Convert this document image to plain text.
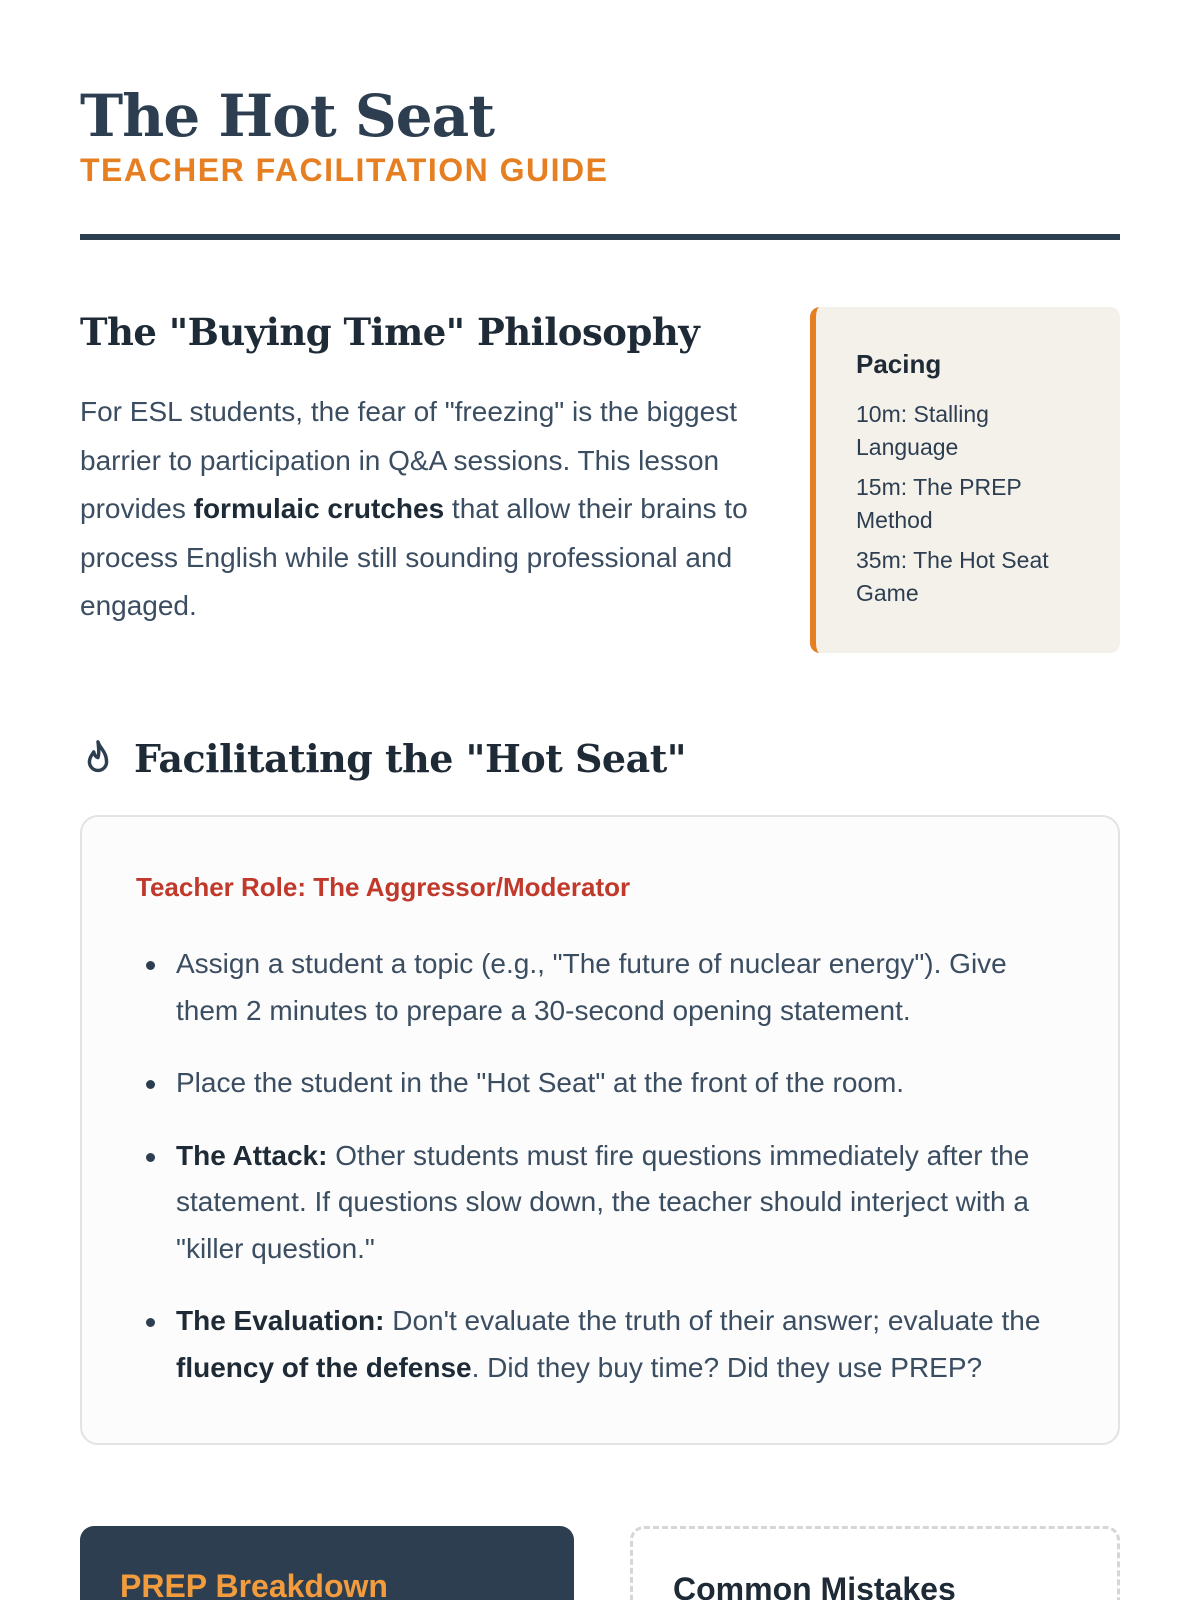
The Hot Seat
TEACHER FACILITATION GUIDE
The "Buying Time" Philosophy

For ESL students, the fear of "freezing" is the biggest barrier to participation in Q&A sessions. This lesson provides formulaic crutches that allow their brains to process English while still sounding professional and engaged.

Pacing
10m: Stalling Language
15m: The PREP Method
35m: The Hot Seat Game
Facilitating the "Hot Seat"
Teacher Role: The Aggressor/Moderator
Assign a student a topic (e.g., "The future of nuclear energy"). Give them 2 minutes to prepare a 30-second opening statement.
Place the student in the "Hot Seat" at the front of the room.
The Attack: Other students must fire questions immediately after the statement. If questions slow down, the teacher should interject with a "killer question."
The Evaluation: Don't evaluate the truth of their answer; evaluate the fluency of the defense. Did they buy time? Did they use PREP?
PREP Breakdown	Common Mistakes
